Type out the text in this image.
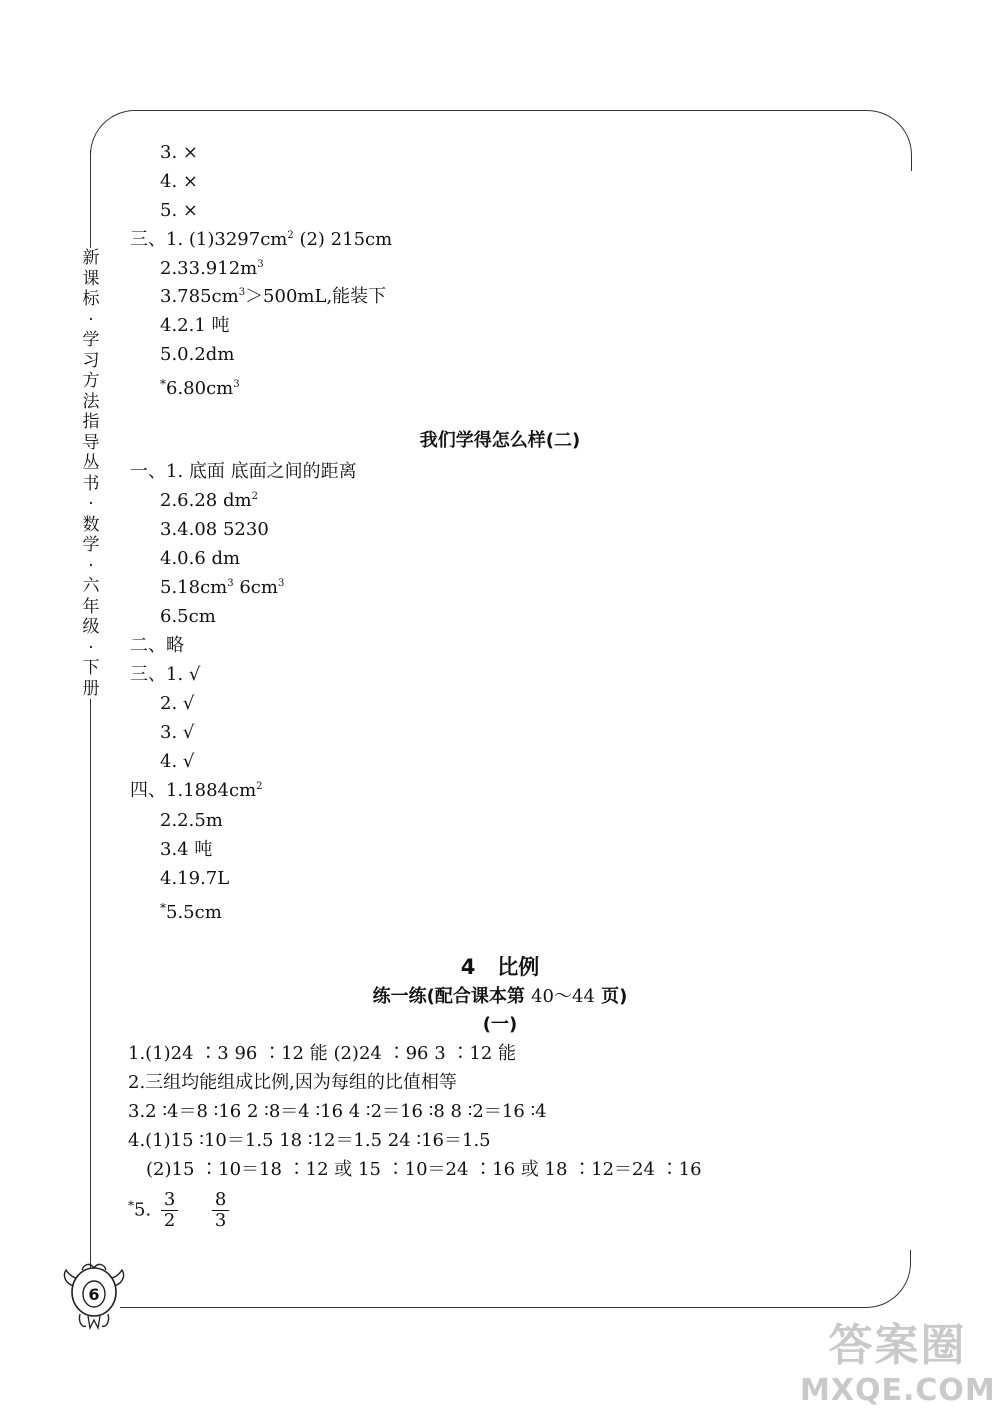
新
课
标
·
学
习
方
法
指
导
丛
书
·
数
学
·
六
年
级
·
下
册
3. ×
4. ×
5. ×
三、1. $(1)3297cm^2$ (2) 215cm
$2.33.912m^3$
$3.785cm^3>500mL$,能装下
4.2.1 吨
5.0.2dm
$^*6.80cm^3$
我们学得怎么样(二)
一、1. 底面 底面之间的距离
2.6.28 $dm^2$
3.4.08 5230
4.0.6 dm
$5.18cm^3$ $6cm^3$
6.5cm
二、略
三、1. √
2. √
3. √
4. √
四、$1.1884cm^2$
2.2.5m
3.4 吨
4.19.7L
*5.5cm
4 比例
练一练(配合课本第 40～44 页)
(一)
1.(1)24 ∶3 96 ∶12 能 (2)24 ∶96 3 ∶12 能
2.三组均能组成比例,因为每组的比值相等
3.2 ∶4＝8 ∶16 2 ∶8＝4 ∶16 4 ∶2＝16 ∶8 8 ∶2＝16 ∶4
4.(1)15 ∶10＝1.5 18 ∶12＝1.5 24 ∶16＝1.5
(2)15 ∶10＝18 ∶12 或 15 ∶10＝24 ∶16 或 18 ∶12＝24 ∶16
*5. $\frac{3}{2}$
$\frac{8}{3}$
6
答案圈
MXQE.COM
